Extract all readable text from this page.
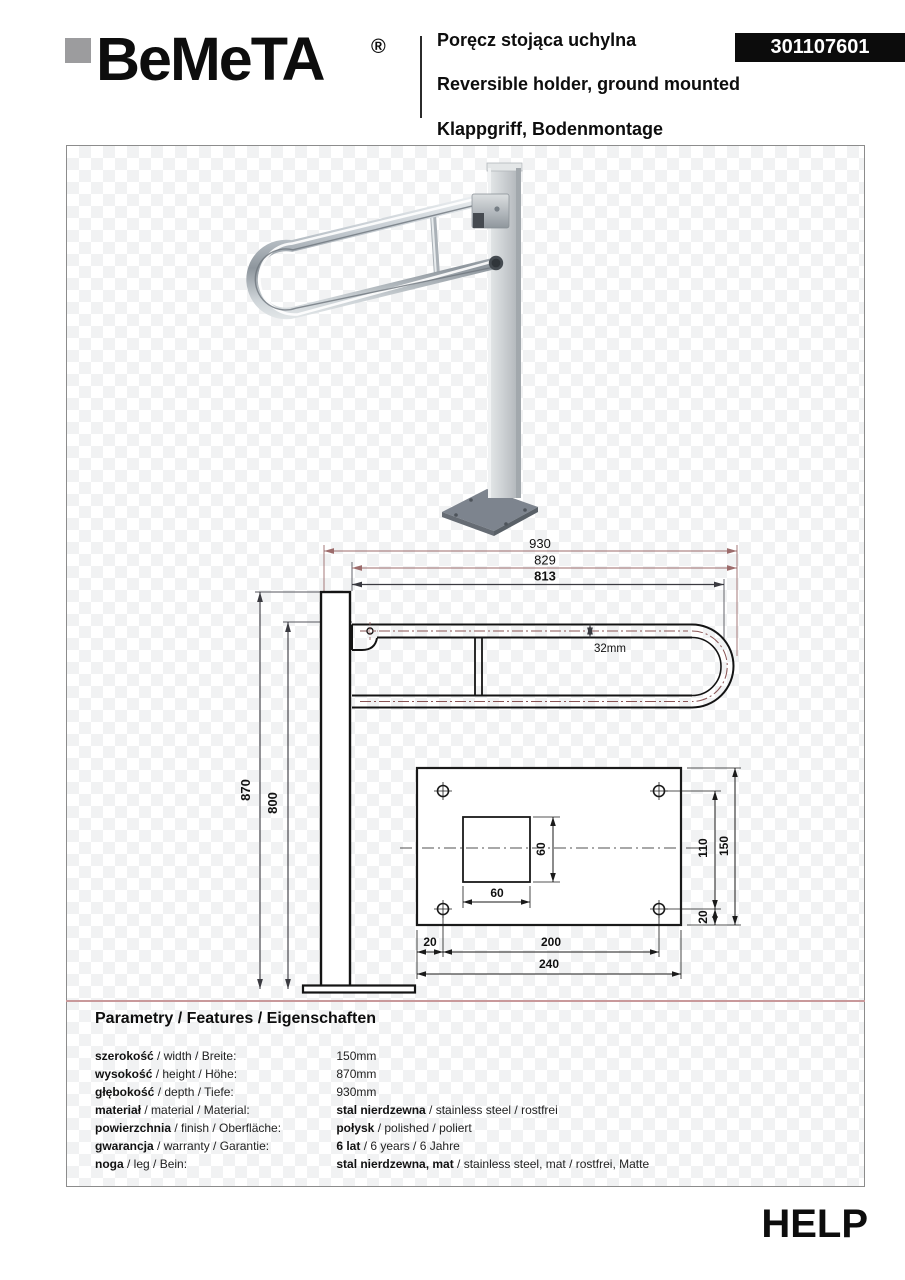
BeMeTA ®	Poręcz stojąca uchylna
Reversible holder, ground mounted
Klappgriff, Bodenmontage
301107601
930
829
813
870
800
32mm
60
60
110 150
20
20	200
240
Parametry / Features / Eigenschaften
szerokość / width / Breite:	150mm
wysokość / height / Höhe:	870mm
głębokość / depth / Tiefe:	930mm
materiał / material / Material:	stal nierdzewna / stainless steel / rostfrei
powierzchnia / finish / Oberfläche:	połysk / polished / poliert
gwarancja / warranty / Garantie:	6 lat / 6 years / 6 Jahre
noga / leg / Bein:	stal nierdzewna, mat / stainless steel, mat / rostfrei, Matte
HELP
